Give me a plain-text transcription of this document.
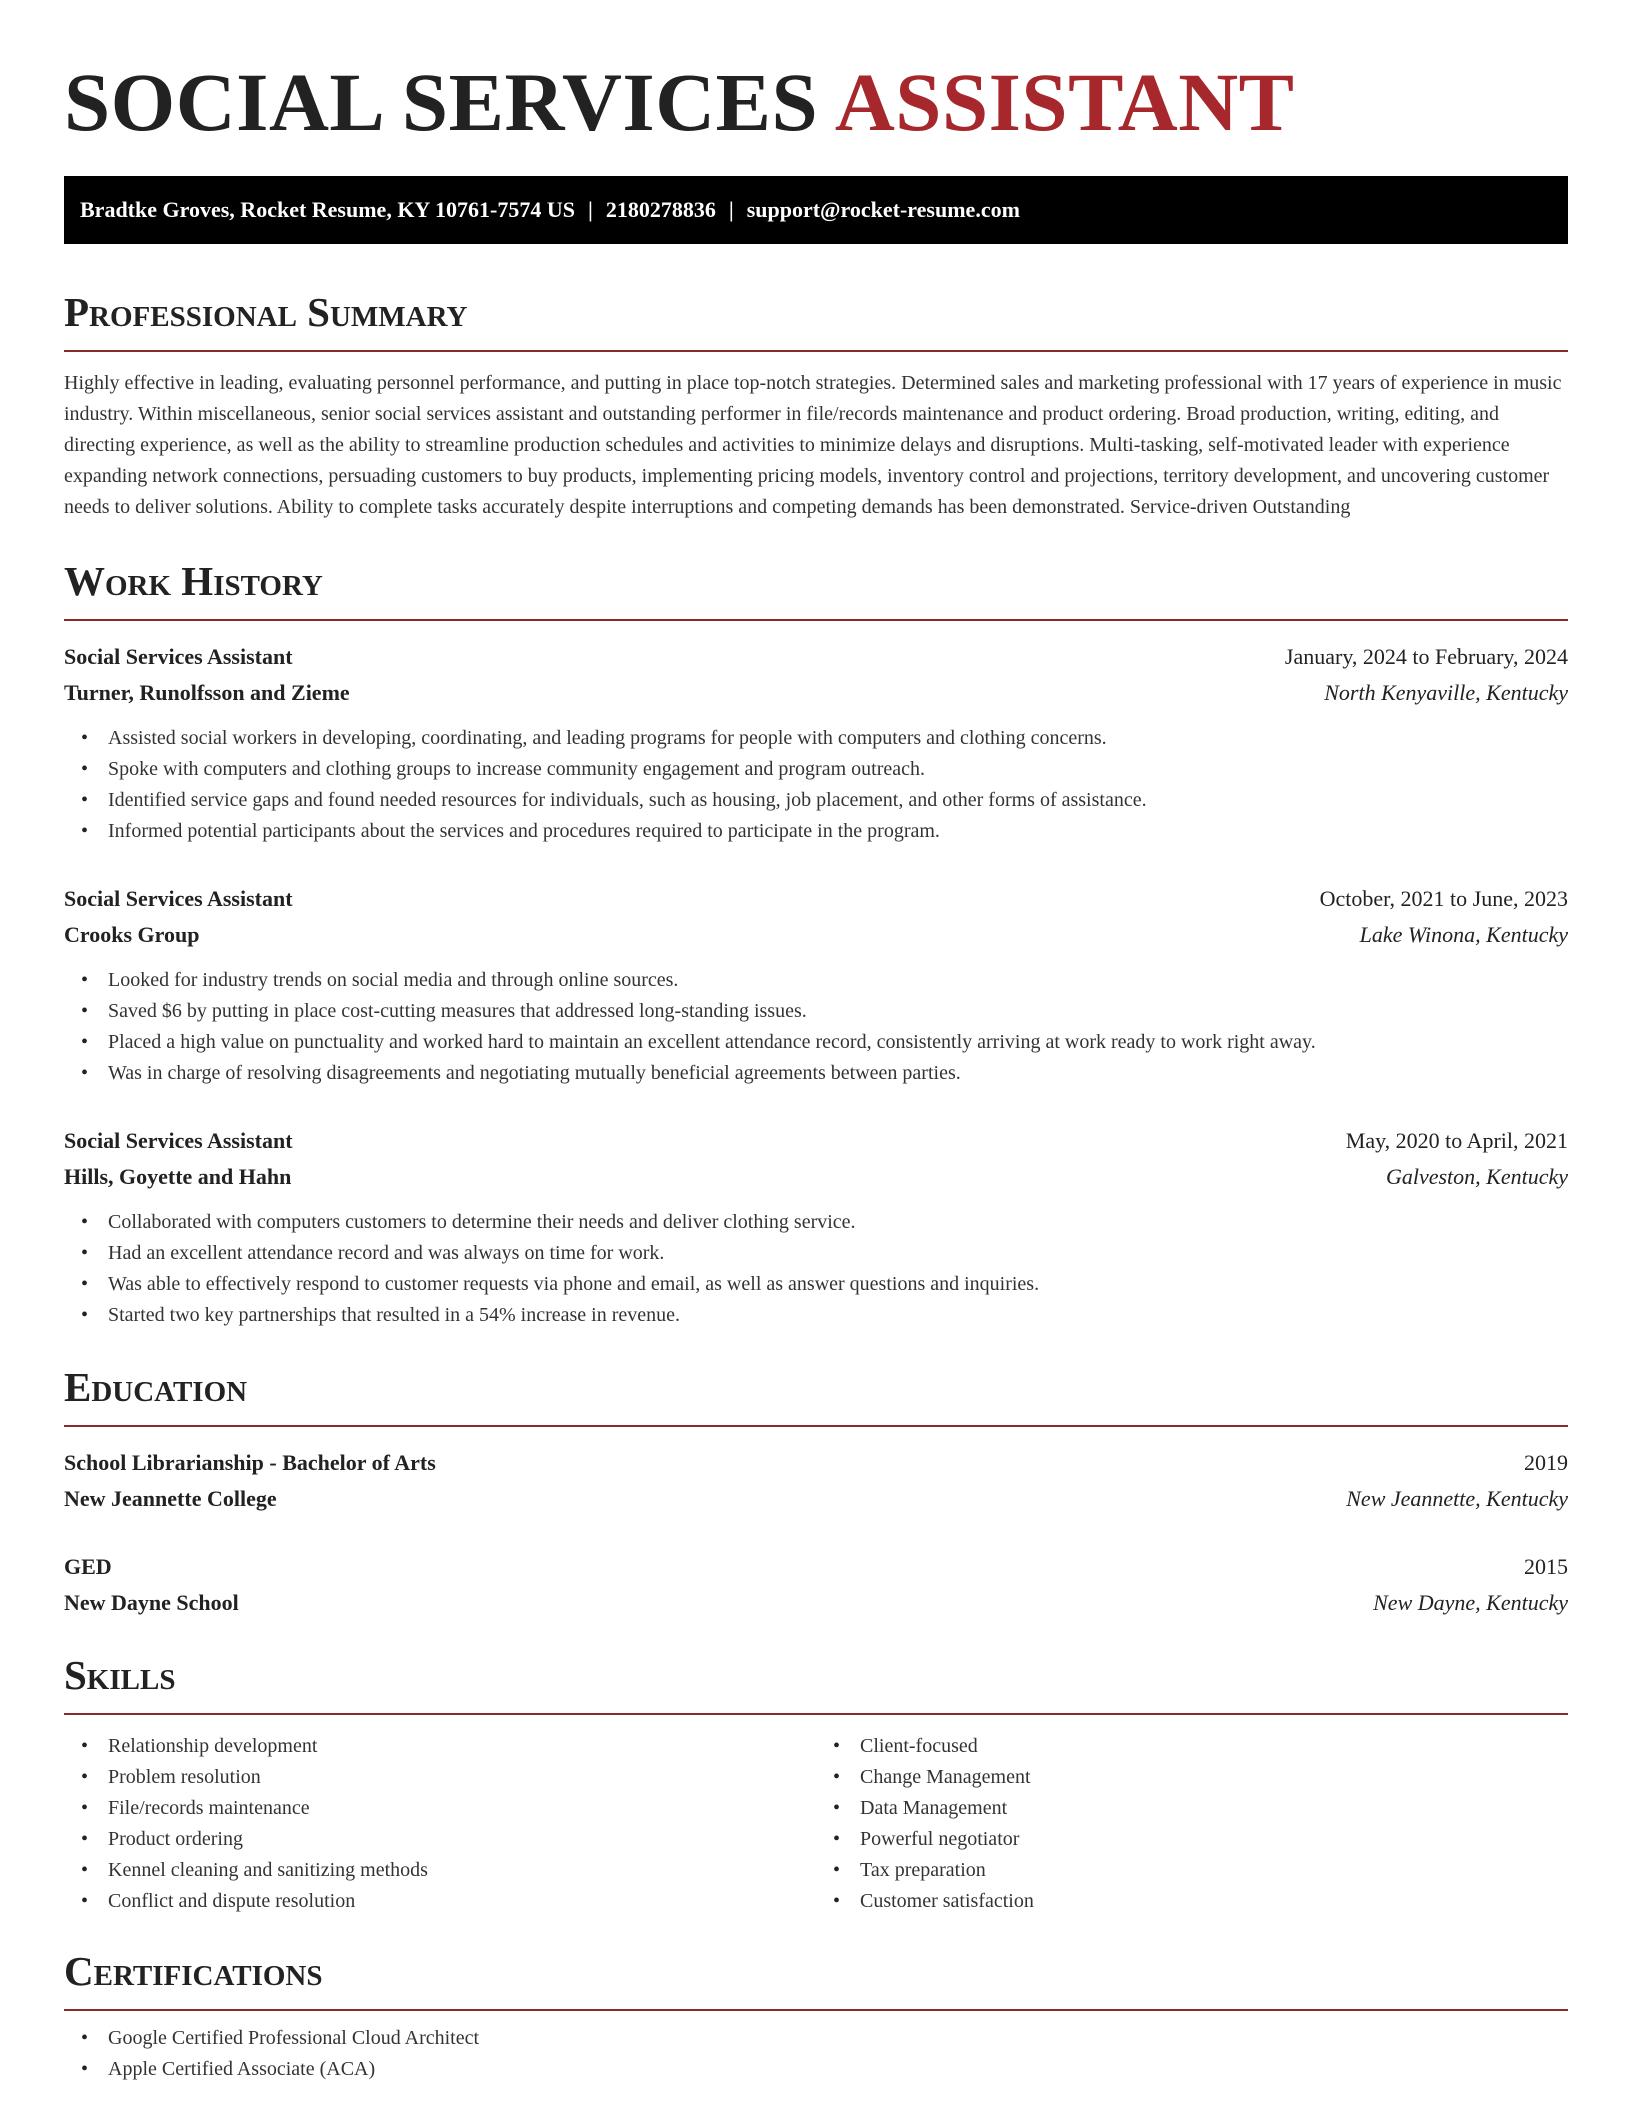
SOCIAL SERVICES ASSISTANT
Bradtke Groves, Rocket Resume, KY 10761-7574 US | 2180278836 | support@rocket-resume.com
Professional Summary

Highly effective in leading, evaluating personnel performance, and putting in place top-notch strategies. Determined sales and marketing professional with 17 years of experience in music industry. Within miscellaneous, senior social services assistant and outstanding performer in file/records maintenance and product ordering. Broad production, writing, editing, and directing experience, as well as the ability to streamline production schedules and activities to minimize delays and disruptions. Multi-tasking, self-motivated leader with experience expanding network connections, persuading customers to buy products, implementing pricing models, inventory control and projections, territory development, and uncovering customer needs to deliver solutions. Ability to complete tasks accurately despite interruptions and competing demands has been demonstrated. Service-driven Outstanding

Work History
Social Services Assistant	January, 2024 to February, 2024
Turner, Runolfsson and Zieme	North Kenyaville, Kentucky
• Assisted social workers in developing, coordinating, and leading programs for people with computers and clothing concerns.
• Spoke with computers and clothing groups to increase community engagement and program outreach.
• Identified service gaps and found needed resources for individuals, such as housing, job placement, and other forms of assistance.
• Informed potential participants about the services and procedures required to participate in the program.
Social Services Assistant	October, 2021 to June, 2023
Crooks Group	Lake Winona, Kentucky
• Looked for industry trends on social media and through online sources.
• Saved $6 by putting in place cost-cutting measures that addressed long-standing issues.
• Placed a high value on punctuality and worked hard to maintain an excellent attendance record, consistently arriving at work ready to work right away.
• Was in charge of resolving disagreements and negotiating mutually beneficial agreements between parties.
Social Services Assistant	May, 2020 to April, 2021
Hills, Goyette and Hahn	Galveston, Kentucky
• Collaborated with computers customers to determine their needs and deliver clothing service.
• Had an excellent attendance record and was always on time for work.
• Was able to effectively respond to customer requests via phone and email, as well as answer questions and inquiries.
• Started two key partnerships that resulted in a 54% increase in revenue.
Education
School Librarianship - Bachelor of Arts	2019
New Jeannette College	New Jeannette, Kentucky
GED	2015
New Dayne School	New Dayne, Kentucky
Skills
• Relationship development
• Problem resolution
• File/records maintenance
• Product ordering
• Kennel cleaning and sanitizing methods
• Conflict and dispute resolution
• Client-focused
• Change Management
• Data Management
• Powerful negotiator
• Tax preparation
• Customer satisfaction
Certifications
• Google Certified Professional Cloud Architect
• Apple Certified Associate (ACA)
